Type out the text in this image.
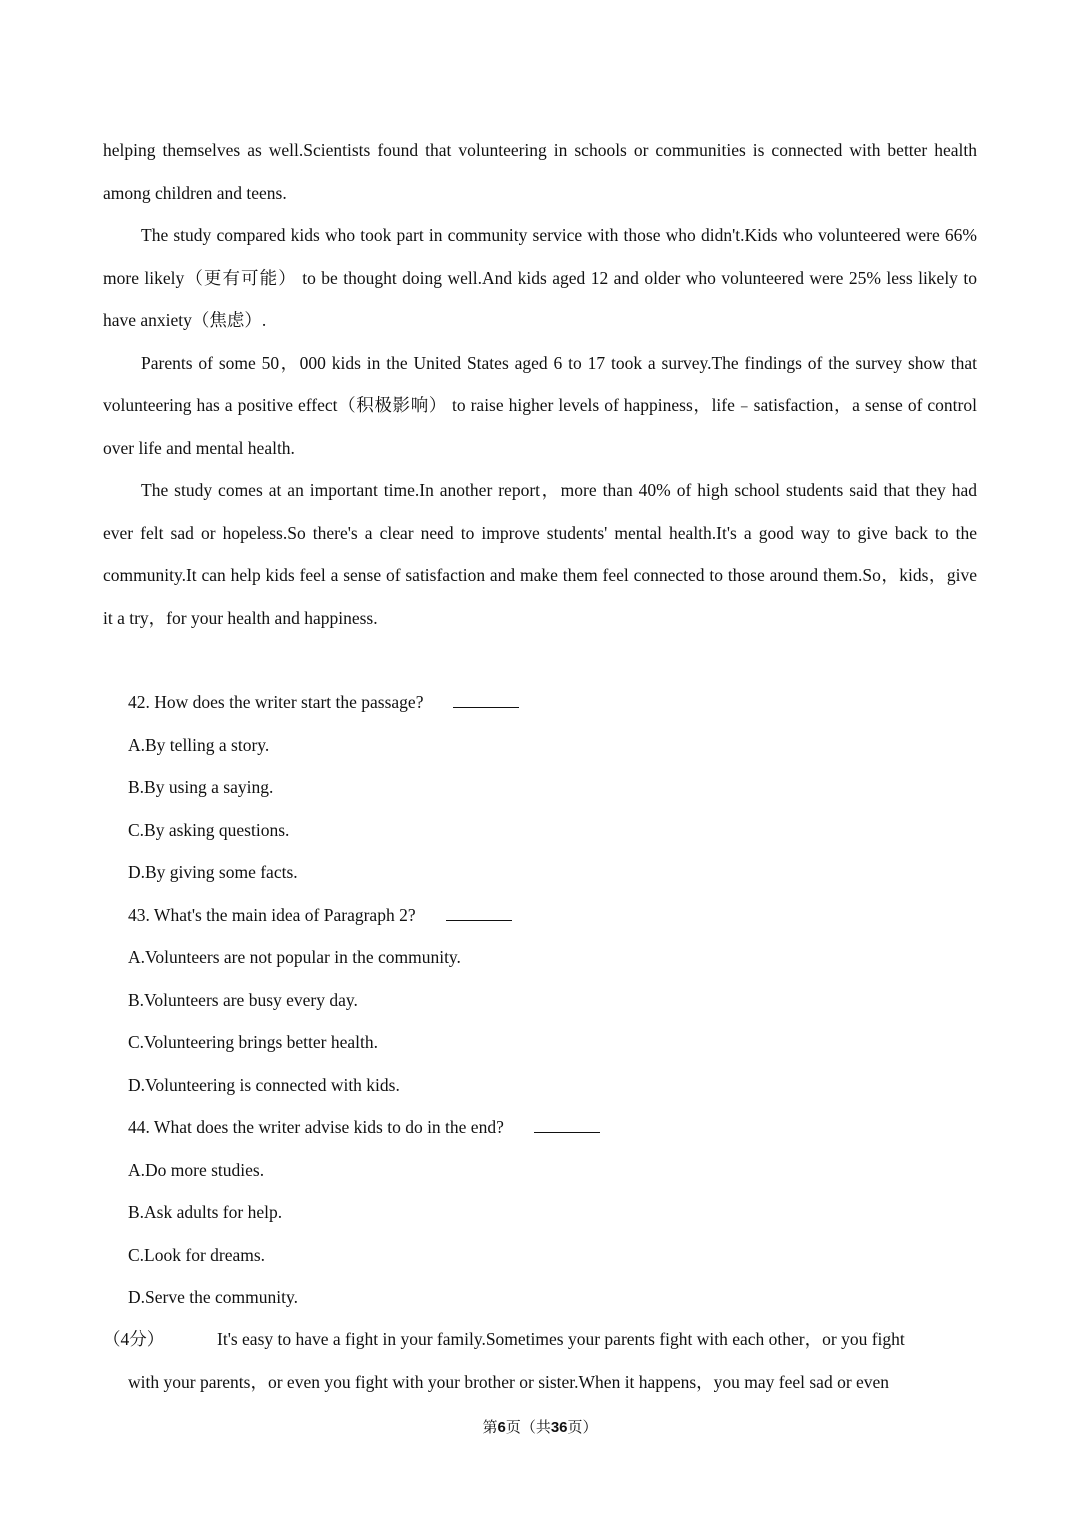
helping themselves as well.Scientists found that volunteering in schools or communities is connected with better health among children and teens.

The study compared kids who took part in community service with those who didn't.Kids who volunteered were 66% more likely（更有可能） to be thought doing well.And kids aged 12 and older who volunteered were 25% less likely to have anxiety（焦虑）.

Parents of some 50，000 kids in the United States aged 6 to 17 took a survey.The findings of the survey show that volunteering has a positive effect（积极影响） to raise higher levels of happiness，life﹣satisfaction，a sense of control over life and mental health.

The study comes at an important time.In another report，more than 40% of high school students said that they had ever felt sad or hopeless.So there's a clear need to improve students' mental health.It's a good way to give back to the community.It can help kids feel a sense of satisfaction and make them feel connected to those around them.So，kids，give it a try，for your health and happiness.

42. How does the writer start the passage?
A.By telling a story.
B.By using a saying.
C.By asking questions.
D.By giving some facts.
43. What's the main idea of Paragraph 2?
A.Volunteers are not popular in the community.
B.Volunteers are busy every day.
C.Volunteering brings better health.
D.Volunteering is connected with kids.
44. What does the writer advise kids to do in the end?
A.Do more studies.
B.Ask adults for help.
C.Look for dreams.
D.Serve the community.
（4分）	It's easy to have a fight in your family.Sometimes your parents fight with each other，or you fight
with your parents，or even you fight with your brother or sister.When it happens，you may feel sad or even
第6页（共36页）
